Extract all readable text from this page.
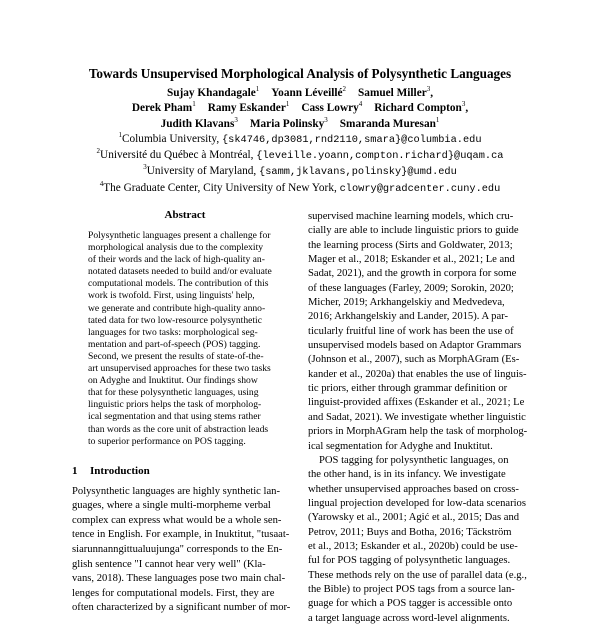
Towards Unsupervised Morphological Analysis of Polysynthetic Languages
Sujay Khandagale$^1$ Yoann Léveillé$^2$ Samuel Miller$^3$,
Derek Pham$^1$ Ramy Eskander$^1$ Cass Lowry$^4$ Richard Compton$^3$,
Judith Klavans$^3$ Maria Polinsky$^3$ Smaranda Muresan$^1$
$^1$Columbia University, {sk4746,dp3081,rnd2110,smara}@columbia.edu
$^2$Université du Québec à Montréal, {leveille.yoann,compton.richard}@uqam.ca
$^3$University of Maryland, {samm,jklavans,polinsky}@umd.edu
$^4$The Graduate Center, City University of New York, clowry@gradcenter.cuny.edu
Abstract
Polysynthetic languages present a challenge for
morphological analysis due to the complexity
of their words and the lack of high-quality an-
notated datasets needed to build and/or evaluate
computational models. The contribution of this
work is twofold. First, using linguists' help,
we generate and contribute high-quality anno-
tated data for two low-resource polysynthetic
languages for two tasks: morphological seg-
mentation and part-of-speech (POS) tagging.
Second, we present the results of state-of-the-
art unsupervised approaches for these two tasks
on Adyghe and Inuktitut. Our findings show
that for these polysynthetic languages, using
linguistic priors helps the task of morpholog-
ical segmentation and that using stems rather
than words as the core unit of abstraction leads
to superior performance on POS tagging.
1 Introduction
Polysynthetic languages are highly synthetic lan-
guages, where a single multi-morpheme verbal
complex can express what would be a whole sen-
tence in English. For example, in Inuktitut, "tusaat-
siarunnanngittualuujunga" corresponds to the En-
glish sentence "I cannot hear very well" (Kla-
vans, 2018). These languages pose two main chal-
lenges for computational models. First, they are
often characterized by a significant number of mor-
supervised machine learning models, which cru-
cially are able to include linguistic priors to guide
the learning process (Sirts and Goldwater, 2013;
Mager et al., 2018; Eskander et al., 2021; Le and
Sadat, 2021), and the growth in corpora for some
of these languages (Farley, 2009; Sorokin, 2020;
Micher, 2019; Arkhangelskiy and Medvedeva,
2016; Arkhangelskiy and Lander, 2015). A par-
ticularly fruitful line of work has been the use of
unsupervised models based on Adaptor Grammars
(Johnson et al., 2007), such as MorphAGram (Es-
kander et al., 2020a) that enables the use of linguis-
tic priors, either through grammar definition or
linguist-provided affixes (Eskander et al., 2021; Le
and Sadat, 2021). We investigate whether linguistic
priors in MorphAGram help the task of morpholog-
ical segmentation for Adyghe and Inuktitut.
POS tagging for polysynthetic languages, on
the other hand, is in its infancy. We investigate
whether unsupervised approaches based on cross-
lingual projection developed for low-data scenarios
(Yarowsky et al., 2001; Agić et al., 2015; Das and
Petrov, 2011; Buys and Botha, 2016; Täckström
et al., 2013; Eskander et al., 2020b) could be use-
ful for POS tagging of polysynthetic languages.
These methods rely on the use of parallel data (e.g.,
the Bible) to project POS tags from a source lan-
guage for which a POS tagger is accessible onto
a target language across word-level alignments.
